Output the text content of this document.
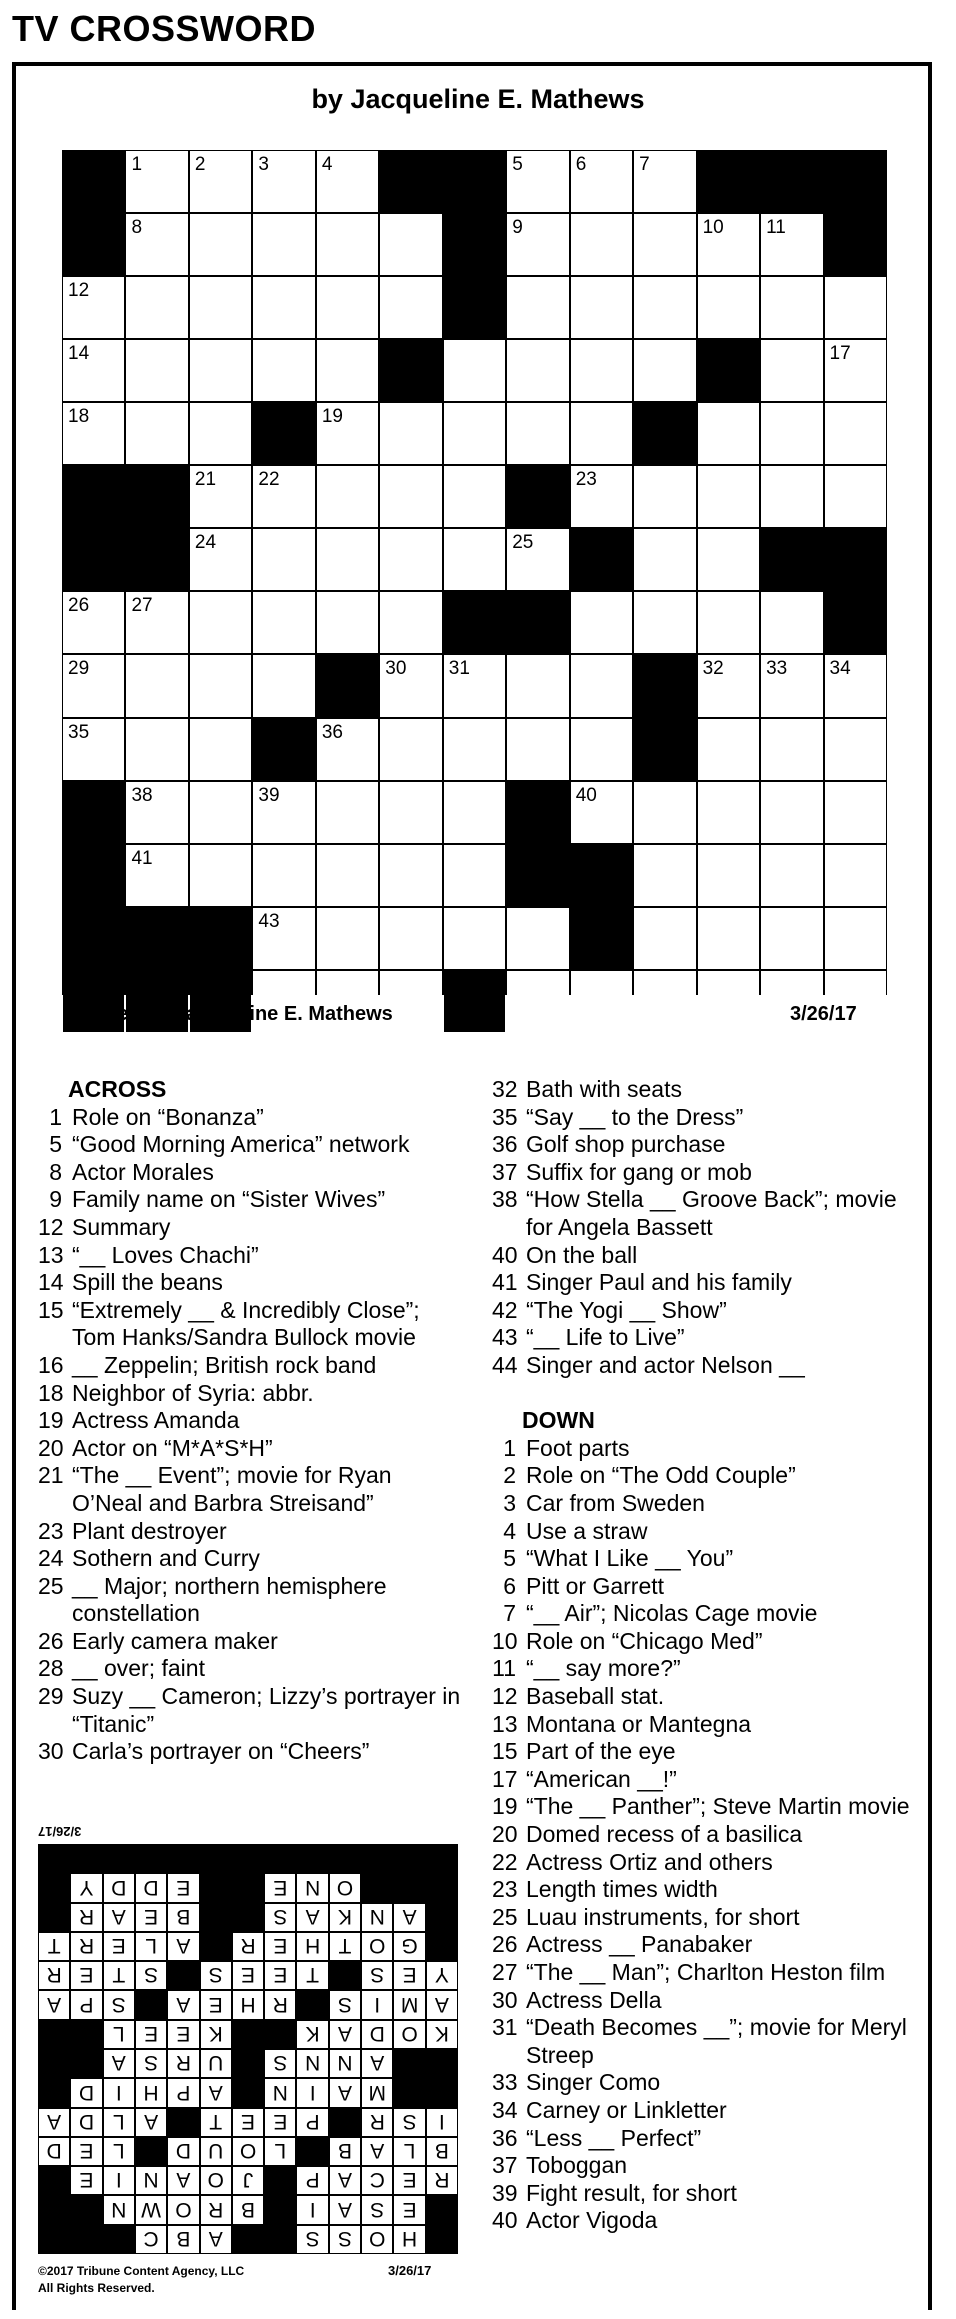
TV CROSSWORD
by Jacqueline E. Mathews
1	2	3	4	5	6	7
8	9	10 11
12
14	17
18	19
21 22	23
24	25
26 27
29	30 31	32 33 34
35	36
38	39	40
41
43
Created by Jacqueline E. Mathews	3/26/17
ACROSS
1 Role on “Bonanza”
5 “Good Morning America” network
8 Actor Morales
9 Family name on “Sister Wives”
12 Summary
13 “__ Loves Chachi”
14 Spill the beans
15 “Extremely __ & Incredibly Close”; Tom Hanks/Sandra Bullock movie
16 __ Zeppelin; British rock band
18 Neighbor of Syria: abbr.
19 Actress Amanda
20 Actor on “M*A*S*H”
21 “The __ Event”; movie for Ryan O’Neal and Barbra Streisand”
23 Plant destroyer
24 Sothern and Curry
25 __ Major; northern hemisphere constellation
26 Early camera maker
28 __ over; faint
29 Suzy __ Cameron; Lizzy’s portrayer in “Titanic”
30 Carla’s portrayer on “Cheers”
32 Bath with seats
35 “Say __ to the Dress”
36 Golf shop purchase
37 Suffix for gang or mob
38 “How Stella __ Groove Back”; movie for Angela Bassett
40 On the ball
41 Singer Paul and his family
42 “The Yogi __ Show”
43 “__ Life to Live”
44 Singer and actor Nelson __
DOWN
1 Foot parts
2 Role on “The Odd Couple”
3 Car from Sweden
4 Use a straw
5 “What I Like __ You”
6 Pitt or Garrett
7 “__ Air”; Nicolas Cage movie
10 Role on “Chicago Med”
11 “__ say more?”
12 Baseball stat.
13 Montana or Mantegna
15 Part of the eye
17 “American __!”
19 “The __ Panther”; Steve Martin movie
20 Domed recess of a basilica
22 Actress Ortiz and others
23 Length times width
25 Luau instruments, for short
26 Actress __ Panabaker
27 “The __ Man”; Charlton Heston film
30 Actress Della
31 “Death Becomes __”; movie for Meryl Streep
33 Singer Como
34 Carney or Linkletter
36 “Less __ Perfect”
37 Toboggan
39 Fight result, for short
40 Actor Vigoda
3/26/17
H
O
S
S
A
B
C
E
S
A
I
B
R
O
W
N
R
E
C
A
P
J
O
A
N
I
E
B
L
A
B
L
O
U
D
L
E
D
I
S
R
P
E
E
T
A
L
D
A
M
A
I
N
A
P
H
I
D
A
N
N
S
U
R
S
A
K
O
D
A
K
K
E
E
L
A
M
I
S
R
H
E
A
S
P
A
Y
E
S
T
E
E
S
S
T
E
R
G
O
T
H
E
R
A
L
E
R
T
A
N
K
A
S
B
E
A
R
O
N
E
E
D
D
Y
©2017 Tribune Content Agency, LLC
All Rights Reserved.
3/26/17
